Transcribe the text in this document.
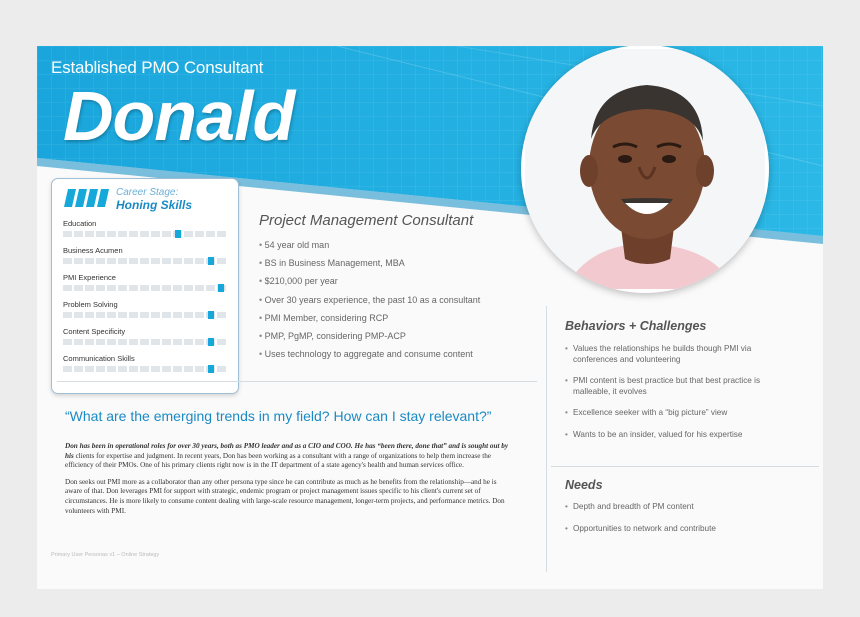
Established PMO Consultant
Donald
Career Stage:
Honing Skills
Education
Business Acumen
PMI Experience
Problem Solving
Content Specificity
Communication Skills
Project Management Consultant
• 54 year old man
• BS in Business Management, MBA
• $210,000 per year
• Over 30 years experience, the past 10 as a consultant
• PMI Member, considering RCP
• PMP, PgMP, considering PMP-ACP
• Uses technology to aggregate and consume content
“What are the emerging trends in my field? How can I stay relevant?”

Don has been in operational roles for over 30 years, both as PMO leader and as a CIO and COO. He has “been there, done that” and is sought out by his clients for expertise and judgment. In recent years, Don has been working as a consultant with a range of organizations to help them increase the efficiency of their PMOs. One of his primary clients right now is in the IT department of a state agency's health and human services office.

Don seeks out PMI more as a collaborator than any other persona type since he can contribute as much as he benefits from the relationship—and he is aware of that. Don leverages PMI for support with strategic, endemic program or project management issues specific to his client's current set of circumstances. He is more likely to consume content dealing with large-scale resource management, longer-term projects, and performance metrics. Don volunteers with PMI.

Primary User Personas v1 – Online Strategy
Behaviors + Challenges
• Values the relationships he builds though PMI via conferences and volunteering
• PMI content is best practice but that best practice is malleable, it evolves
• Excellence seeker with a “big picture” view
• Wants to be an insider, valued for his expertise
Needs
• Depth and breadth of PM content
• Opportunities to network and contribute
